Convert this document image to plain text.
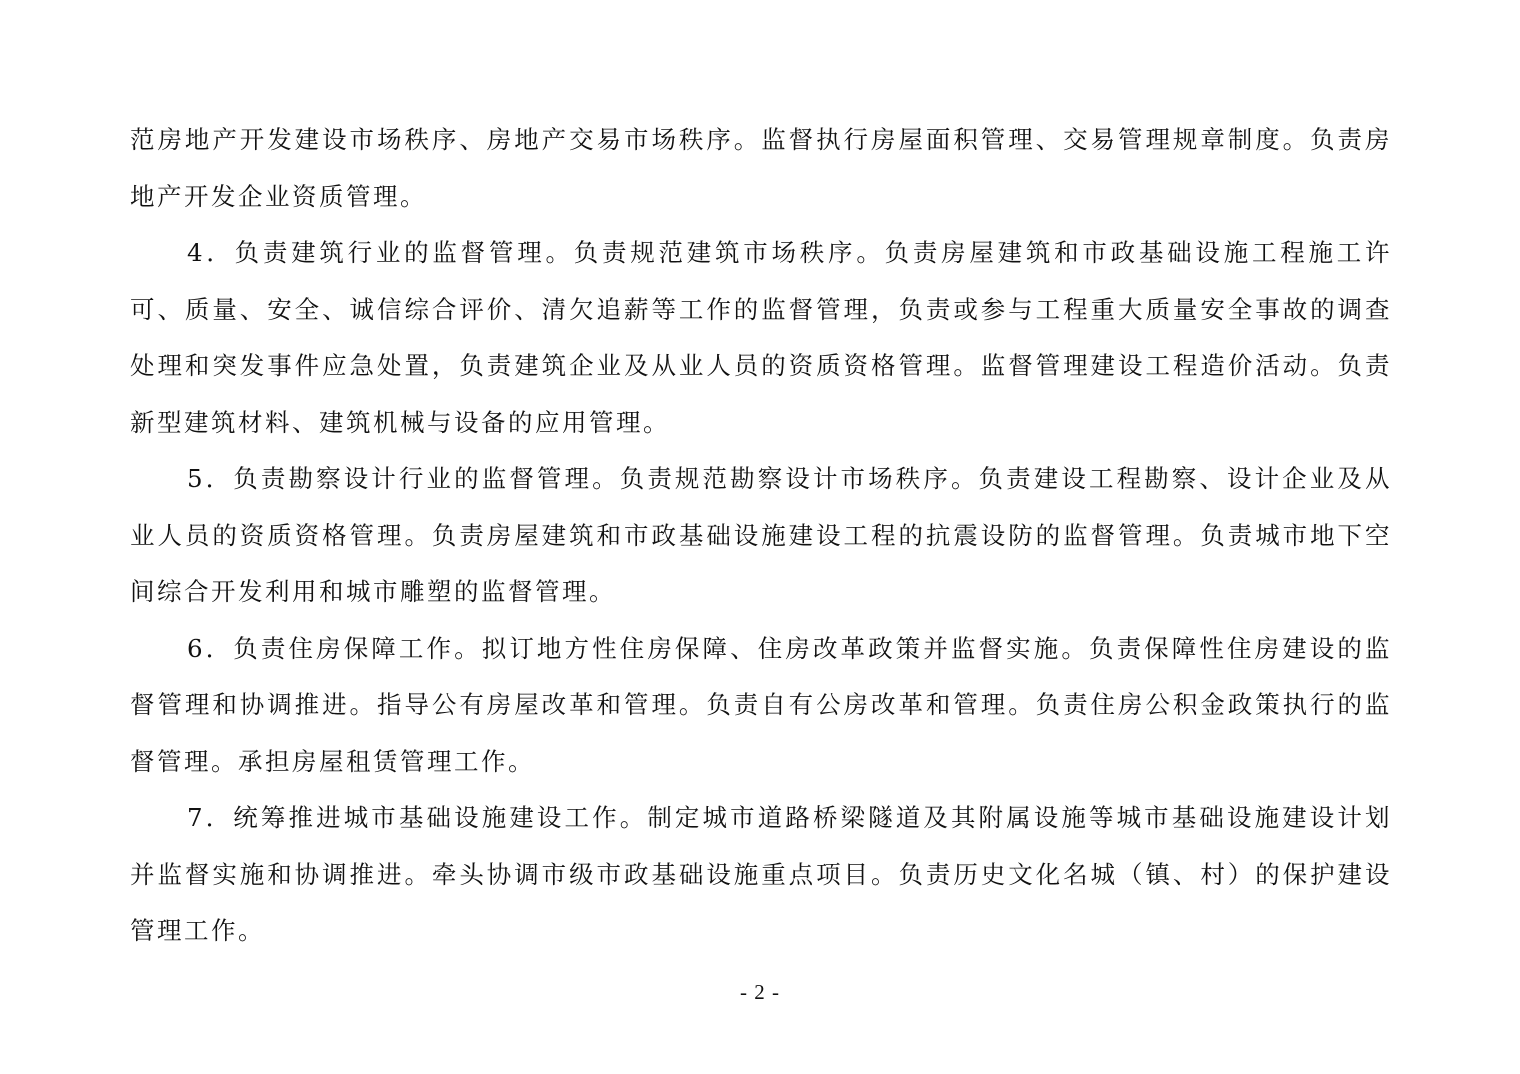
范房地产开发建设市场秩序、房地产交易市场秩序。监督执行房屋面积管理、交易管理规章制度。负责房地产开发企业资质管理。

4．负责建筑行业的监督管理。负责规范建筑市场秩序。负责房屋建筑和市政基础设施工程施工许可、质量、安全、诚信综合评价、清欠追薪等工作的监督管理，负责或参与工程重大质量安全事故的调查处理和突发事件应急处置，负责建筑企业及从业人员的资质资格管理。监督管理建设工程造价活动。负责新型建筑材料、建筑机械与设备的应用管理。

5．负责勘察设计行业的监督管理。负责规范勘察设计市场秩序。负责建设工程勘察、设计企业及从业人员的资质资格管理。负责房屋建筑和市政基础设施建设工程的抗震设防的监督管理。负责城市地下空间综合开发利用和城市雕塑的监督管理。

6．负责住房保障工作。拟订地方性住房保障、住房改革政策并监督实施。负责保障性住房建设的监督管理和协调推进。指导公有房屋改革和管理。负责自有公房改革和管理。负责住房公积金政策执行的监督管理。承担房屋租赁管理工作。

7．统筹推进城市基础设施建设工作。制定城市道路桥梁隧道及其附属设施等城市基础设施建设计划并监督实施和协调推进。牵头协调市级市政基础设施重点项目。负责历史文化名城（镇、村）的保护建设管理工作。

- 2 -
